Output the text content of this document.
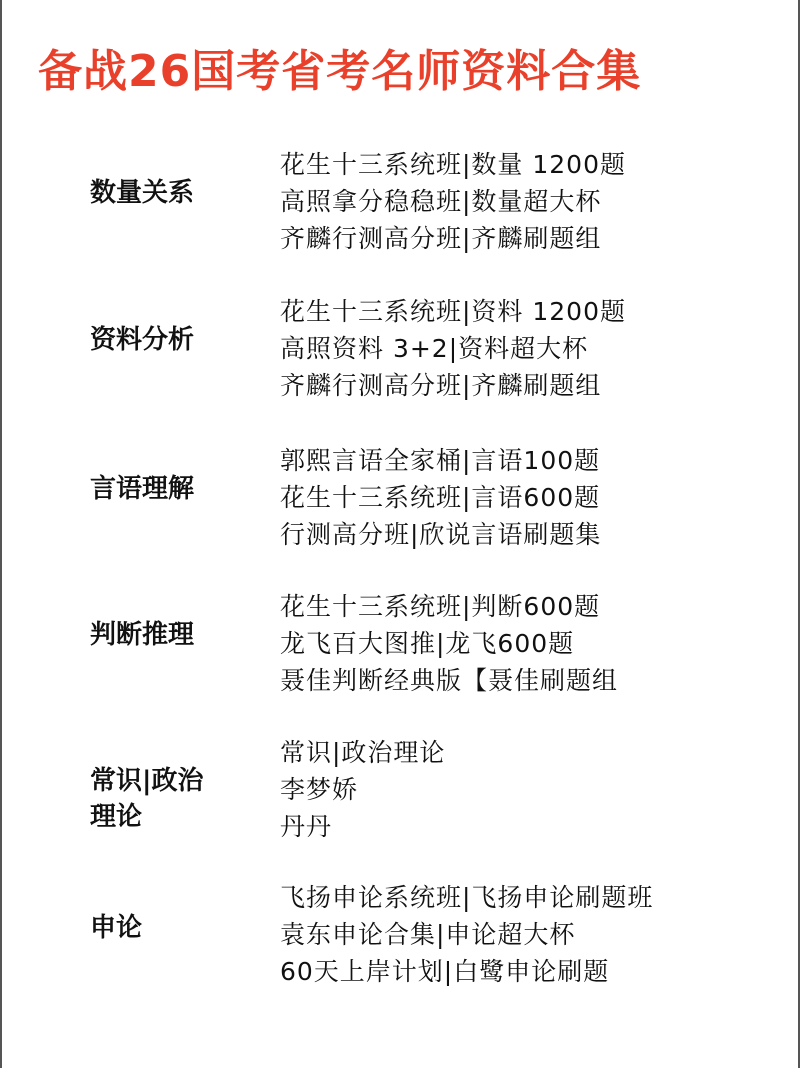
备战26国考省考名师资料合集
数量关系
花生十三系统班|数量 1200题
高照拿分稳稳班|数量超大杯
齐麟行测高分班|齐麟刷题组
资料分析
花生十三系统班|资料 1200题
高照资料 3+2|资料超大杯
齐麟行测高分班|齐麟刷题组
言语理解
郭熙言语全家桶|言语100题
花生十三系统班|言语600题
行测高分班|欣说言语刷题集
判断推理
花生十三系统班|判断600题
龙飞百大图推|龙飞600题
聂佳判断经典版【聂佳刷题组
常识|政治
理论
常识|政治理论
李梦娇
丹丹
申论
飞扬申论系统班|飞扬申论刷题班
袁东申论合集|申论超大杯
60天上岸计划|白鹭申论刷题
